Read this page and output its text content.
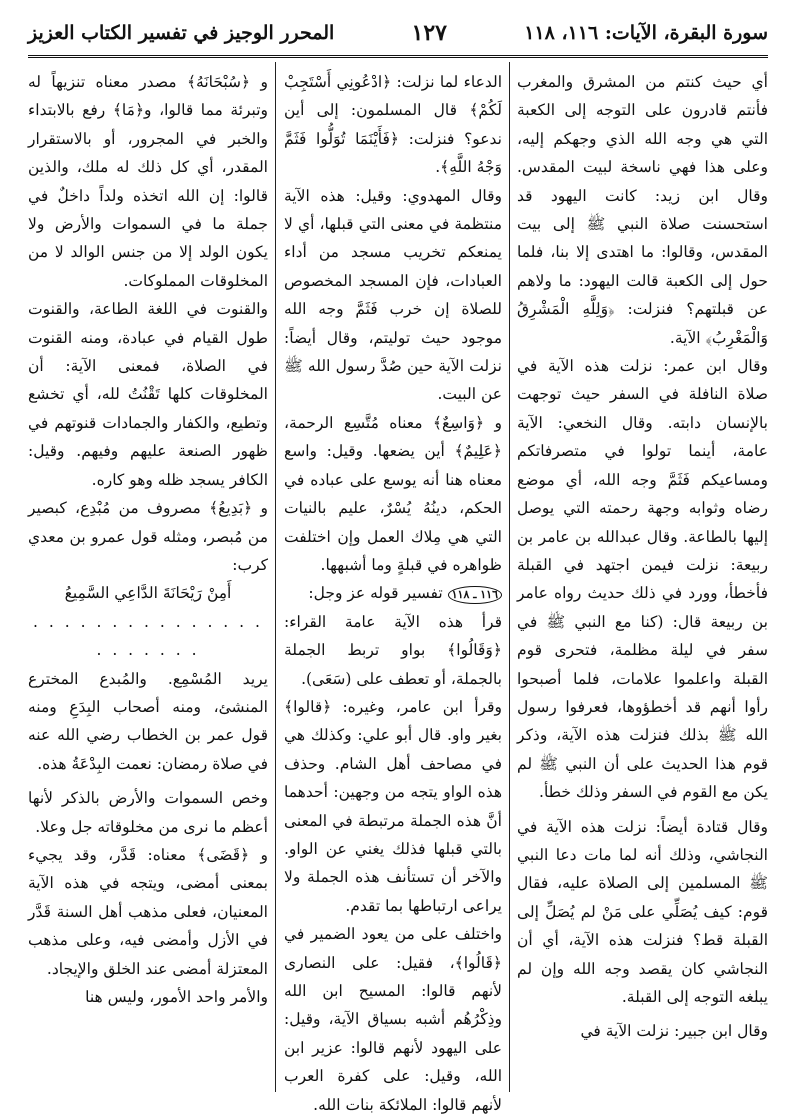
سورة البقرة، الآيات: ١١٦، ١١٨
١٢٧
المحرر الوجيز في تفسير الكتاب العزيز

أي حيث كنتم من المشرق والمغرب فأنتم قادرون على التوجه إلى الكعبة التي هي وجه الله الذي وجهكم إليه، وعلى هذا فهي ناسخة لبيت المقدس. وقال ابن زيد: كانت اليهود قد استحسنت صلاة النبي ﷺ إلى بيت المقدس، وقالوا: ما اهتدى إلا بنا، فلما حول إلى الكعبة قالت اليهود: ما ولاهم عن قبلتهم؟ فنزلت: ﴿وَلِلَّهِ الْمَشْرِقُ وَالْمَغْرِبُ﴾ الآية.

وقال ابن عمر: نزلت هذه الآية في صلاة النافلة في السفر حيث توجهت بالإنسان دابته. وقال النخعي: الآية عامة، أينما تولوا في متصرفاتكم ومساعيكم فَثَمَّ وجه الله، أي موضع رضاه وثوابه وجهة رحمته التي يوصل إليها بالطاعة. وقال عبدالله بن عامر بن ربيعة: نزلت فيمن اجتهد في القبلة فأخطأ، وورد في ذلك حديث رواه عامر بن ربيعة قال: (كنا مع النبي ﷺ في سفر في ليلة مظلمة، فتحرى قوم القبلة واعلموا علامات، فلما أصبحوا رأوا أنهم قد أخطؤوها، فعرفوا رسول الله ﷺ بذلك فنزلت هذه الآية، وذكر قوم هذا الحديث على أن النبي ﷺ لم يكن مع القوم في السفر وذلك خطأ.

وقال قتادة أيضاً: نزلت هذه الآية في النجاشي، وذلك أنه لما مات دعا النبي ﷺ المسلمين إلى الصلاة عليه، فقال قوم: كيف يُصَلِّي على مَنْ لم يُصَلِّ إلى القبلة قط؟ فنزلت هذه الآية، أي أن النجاشي كان يقصد وجه الله وإن لم يبلغه التوجه إلى القبلة.

وقال ابن جبير: نزلت الآية في

الدعاء لما نزلت: ﴿ادْعُونِي أَسْتَجِبْ لَكُمْ﴾ قال المسلمون: إلى أين ندعو؟ فنزلت: ﴿فَأَيْنَمَا تُوَلُّوا فَثَمَّ وَجْهُ اللَّهِ﴾.

وقال المهدوي: وقيل: هذه الآية منتظمة في معنى التي قبلها، أي لا يمنعكم تخريب مسجد من أداء العبادات، فإن المسجد المخصوص للصلاة إن خرب فَثَمَّ وجه الله موجود حيث توليتم، وقال أيضاً: نزلت الآية حين صُدَّ رسول الله ﷺ عن البيت.

و ﴿وَاسِعٌ﴾ معناه مُتَّسِع الرحمة، ﴿عَلِيمٌ﴾ أين يضعها. وقيل: واسع معناه هنا أنه يوسع على عباده في الحكم، دينُهُ يُسْرٌ، عليم بالنيات التي هي مِلاك العمل وإن اختلفت ظواهره في قبلةٍ وما أشبهها.

١١٦ ـ ١١٨ تفسير قوله عز وجل:

قرأ هذه الآية عامة القراء: ﴿وَقَالُوا﴾ بواو تربط الجملة بالجملة، أو تعطف على (سَعَى).

وقرأ ابن عامر، وغيره: ﴿قالوا﴾ بغير واو. قال أبو علي: وكذلك هي في مصاحف أهل الشام. وحذف هذه الواو يتجه من وجهين: أحدهما أنَّ هذه الجملة مرتبطة في المعنى بالتي قبلها فذلك يغني عن الواو. والآخر أن تستأنف هذه الجملة ولا يراعى ارتباطها بما تقدم.

واختلف على من يعود الضمير في ﴿قَالُوا﴾، فقيل: على النصارى لأنهم قالوا: المسيح ابن الله وذِكْرُهُم أشبه بسياق الآية، وقيل: على اليهود لأنهم قالوا: عزير ابن الله، وقيل: على كفرة العرب لأنهم قالوا: الملائكة بنات الله.

و ﴿سُبْحَانَهُ﴾ مصدر معناه تنزيهاً له وتبرئة مما قالوا، و﴿مَا﴾ رفع بالابتداء والخبر في المجرور، أو بالاستقرار المقدر، أي كل ذلك له ملك، والذين قالوا: إن الله اتخذه ولداً داخلٌ في جملة ما في السموات والأرض ولا يكون الولد إلا من جنس الوالد لا من المخلوقات المملوكات.

والقنوت في اللغة الطاعة، والقنوت طول القيام في عبادة، ومنه القنوت في الصلاة، فمعنى الآية: أن المخلوقات كلها تَقْنُتُ لله، أي تخشع وتطيع، والكفار والجمادات قنوتهم في ظهور الصنعة عليهم وفيهم. وقيل: الكافر يسجد ظله وهو كاره.

و ﴿بَدِيعُ﴾ مصروف من مُبْدِع، كبصير من مُبصر، ومثله قول عمرو بن معدي كرب:

أَمِنْ رَيْحَانَةَ الدَّاعِي السَّمِيعُ

. . . . . . . . . . . . . . . . . . . . . .

يريد المُسْمِع. والمُبدع المخترع المنشئ، ومنه أصحاب البِدَعِ ومنه قول عمر بن الخطاب رضي الله عنه في صلاة رمضان: نعمت البِدْعَةُ هذه.

وخص السموات والأرض بالذكر لأنها أعظم ما نرى من مخلوقاته جل وعلا.

و ﴿قَضَى﴾ معناه: قَدَّر، وقد يجيء بمعنى أمضى، ويتجه في هذه الآية المعنيان، فعلى مذهب أهل السنة قَدَّر في الأزل وأمضى فيه، وعلى مذهب المعتزلة أمضى عند الخلق والإيجاد.

والأمر واحد الأمور، وليس هنا
